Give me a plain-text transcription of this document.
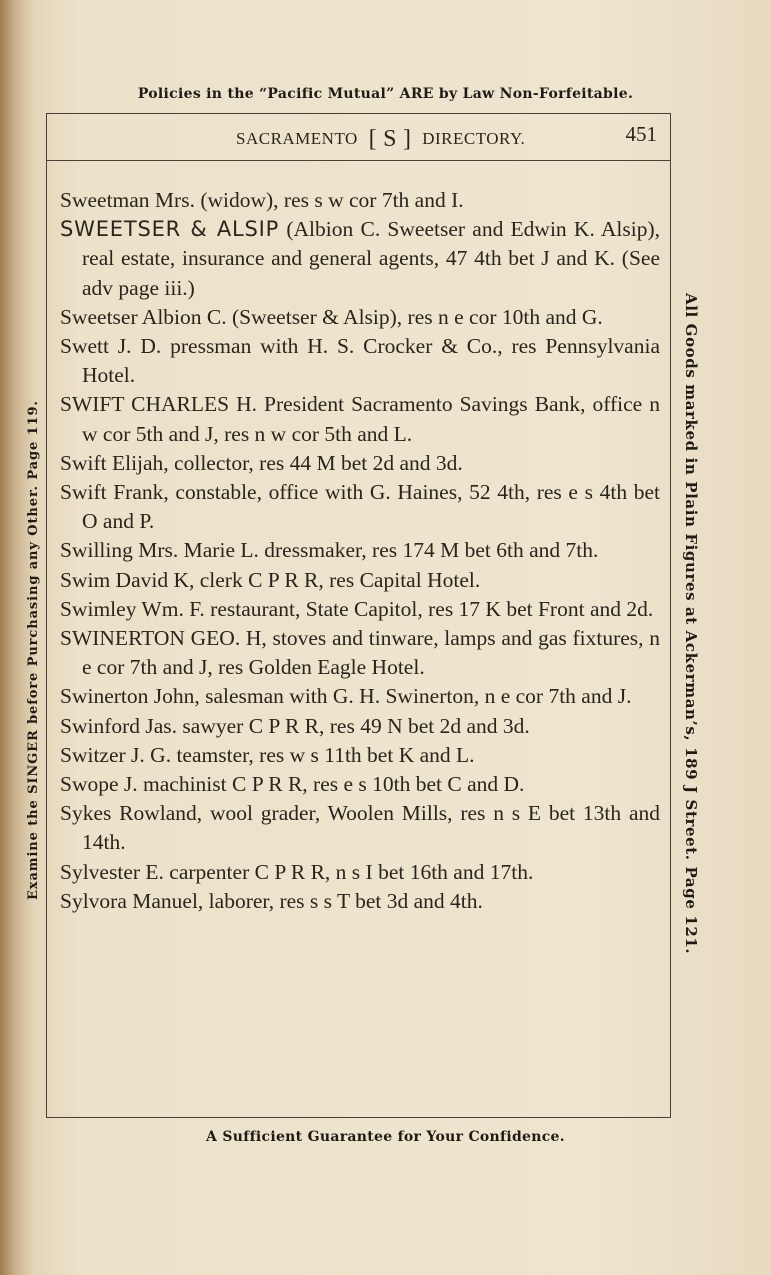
Policies in the “Pacific Mutual” ARE by Law Non-Forfeitable.
SACRAMENTO [ S ] DIRECTORY.	451
Sweetman Mrs. (widow), res s w cor 7th and I.
SWEETSER & ALSIP (Albion C. Sweetser and Edwin K. Alsip), real estate, insurance and general agents, 47 4th bet J and K. (See adv page iii.)
Sweetser Albion C. (Sweetser & Alsip), res n e cor 10th and G.
Swett J. D. pressman with H. S. Crocker & Co., res Pennsylvania Hotel.
SWIFT CHARLES H. President Sacramento Savings Bank, office n w cor 5th and J, res n w cor 5th and L.
Swift Elijah, collector, res 44 M bet 2d and 3d.
Swift Frank, constable, office with G. Haines, 52 4th, res e s 4th bet O and P.
Swilling Mrs. Marie L. dressmaker, res 174 M bet 6th and 7th.
Swim David K, clerk C P R R, res Capital Hotel.
Swimley Wm. F. restaurant, State Capitol, res 17 K bet Front and 2d.
SWINERTON GEO. H, stoves and tinware, lamps and gas fixtures, n e cor 7th and J, res Golden Eagle Hotel.
Swinerton John, salesman with G. H. Swinerton, n e cor 7th and J.
Swinford Jas. sawyer C P R R, res 49 N bet 2d and 3d.
Switzer J. G. teamster, res w s 11th bet K and L.
Swope J. machinist C P R R, res e s 10th bet C and D.
Sykes Rowland, wool grader, Woolen Mills, res n s E bet 13th and 14th.
Sylvester E. carpenter C P R R, n s I bet 16th and 17th.
Sylvora Manuel, laborer, res s s T bet 3d and 4th.
A Sufficient Guarantee for Your Confidence.
Examine the SINGER before Purchasing any Other. Page 119.	All Goods marked in Plain Figures at Ackerman’s, 189 J Street. Page 121.
